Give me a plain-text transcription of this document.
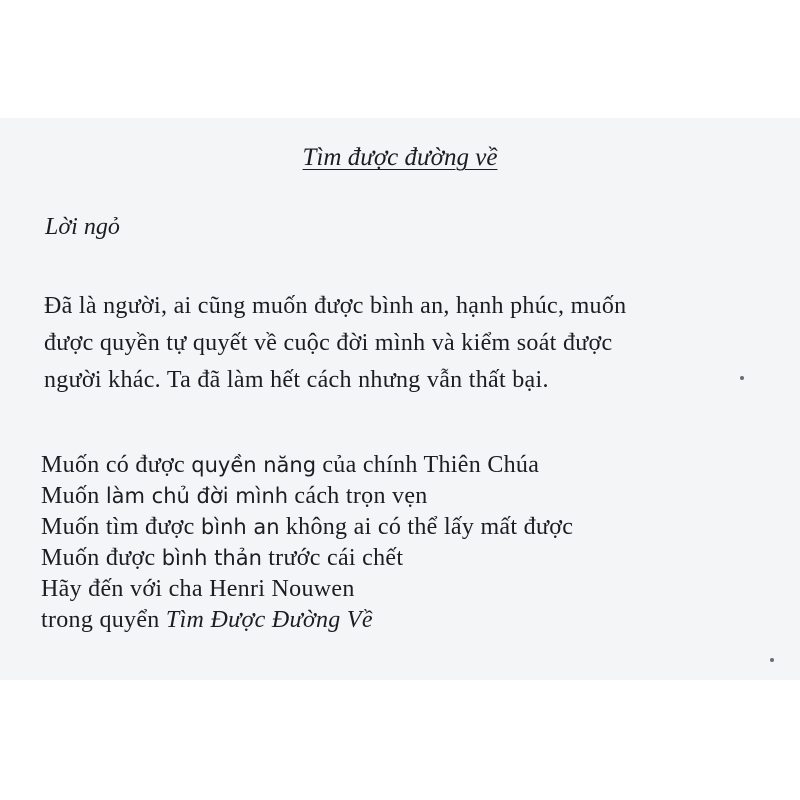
Tìm được đường về
Lời ngỏ
Đã là người, ai cũng muốn được bình an, hạnh phúc, muốn
được quyền tự quyết về cuộc đời mình và kiểm soát được
người khác. Ta đã làm hết cách nhưng vẫn thất bại.
Muốn có được quyền năng của chính Thiên Chúa
Muốn làm chủ đời mình cách trọn vẹn
Muốn tìm được bình an không ai có thể lấy mất được
Muốn được bình thản trước cái chết
Hãy đến với cha Henri Nouwen
trong quyển Tìm Được Đường Về
